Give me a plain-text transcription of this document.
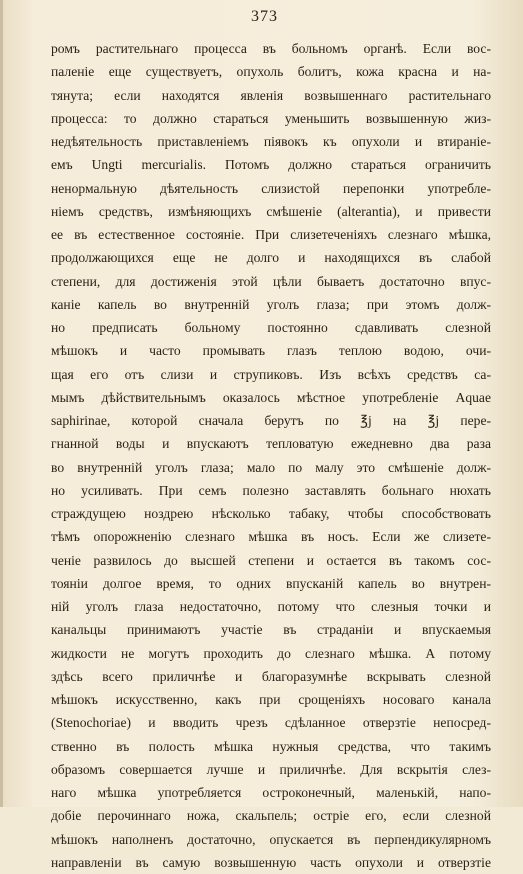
373
ромъ растительнаго процесса въ больномъ органѣ. Если вос-
паленіе еще существуетъ, опухоль болитъ, кожа красна и на-
тянута; если находятся явленія возвышеннаго растительнаго
процесса: то должно стараться уменьшить возвышенную жиз-
недѣятельность приставленіемъ піявокъ къ опухоли и втираніе-
емъ Ungti mercurialis. Потомъ должно стараться ограничить
ненормальную дѣятельность слизистой перепонки употребле-
ніемъ средствъ, измѣняющихъ смѣшеніе (alterantia), и привести
ее въ естественное состояніе. При слизетеченіяхъ слезнаго мѣшка,
продолжающихся еще не долго и находящихся въ слабой
степени, для достиженія этой цѣли бываетъ достаточно впус-
каніе капель во внутренній уголъ глаза; при этомъ долж-
но предписать больному постоянно сдавливать слезной
мѣшокъ и часто промывать глазъ теплою водою, очи-
щая его отъ слизи и струпиковъ. Изъ всѣхъ средствъ са-
мымъ дѣйствительнымъ оказалось мѣстное употребленіе Aquae
saphirinae, которой сначала берутъ по ℥j на ℥j пере-
гнанной воды и впускаютъ тепловатую ежедневно два раза
во внутренній уголъ глаза; мало по малу это смѣшеніе долж-
но усиливать. При семъ полезно заставлять больнаго нюхать
страждущею ноздрею нѣсколько табаку, чтобы способствовать
тѣмъ опорожненію слезнаго мѣшка въ носъ. Если же слизете-
ченіе развилось до высшей степени и остается въ такомъ сос-
тояніи долгое время, то одних впусканій капель во внутрен-
ній уголъ глаза недостаточно, потому что слезныя точки и
канальцы принимаютъ участіе въ страданіи и впускаемыя
жидкости не могутъ проходить до слезнаго мѣшка. А потому
здѣсь всего приличнѣе и благоразумнѣе вскрывать слезной
мѣшокъ искусственно, какъ при срощеніяхъ носоваго канала
(Stenochoriae) и вводить чрезъ сдѣланное отверзтіе непосред-
ственно въ полость мѣшка нужныя средства, что такимъ
образомъ совершается лучше и приличнѣе. Для вскрытія слез-
наго мѣшка употребляется остроконечный, маленькій, напо-
добіе перочиннаго ножа, скальпель; острiе его, если слезной
мѣшокъ наполненъ достаточно, опускается въ перпендикулярномъ
направленіи въ самую возвышенную часть опухоли и отверзтіе
